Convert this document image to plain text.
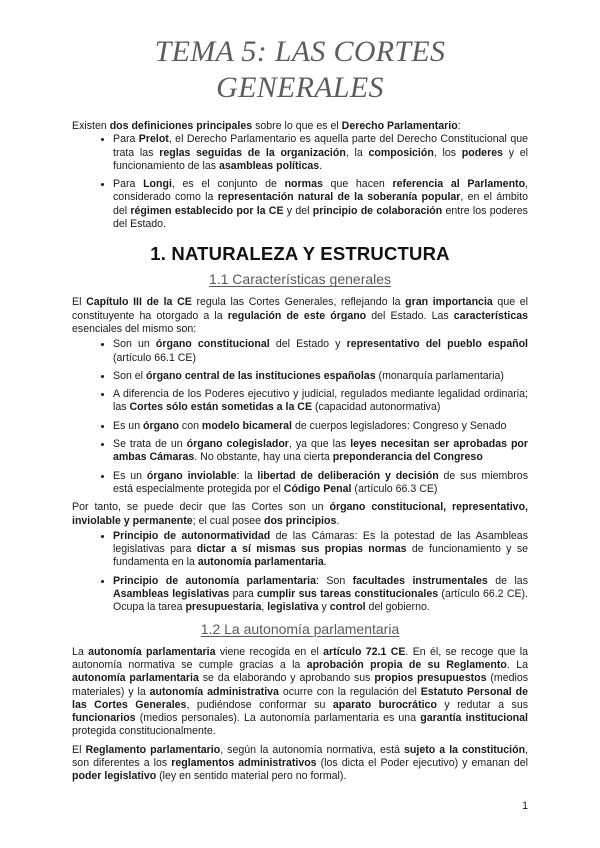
TEMA 5: LAS CORTES GENERALES

Existen dos definiciones principales sobre lo que es el Derecho Parlamentario:

• Para Prelot, el Derecho Parlamentario es aquella parte del Derecho Constitucional que trata las reglas seguidas de la organización, la composición, los poderes y el funcionamiento de las asambleas políticas.
• Para Longi, es el conjunto de normas que hacen referencia al Parlamento, considerado como la representación natural de la soberanía popular, en el ámbito del régimen establecido por la CE y del principio de colaboración entre los poderes del Estado.
1. NATURALEZA Y ESTRUCTURA
1.1 Características generales

El Capítulo III de la CE regula las Cortes Generales, reflejando la gran importancia que el constituyente ha otorgado a la regulación de este órgano del Estado. Las características esenciales del mismo son:

• Son un órgano constitucional del Estado y representativo del pueblo español (artículo 66.1 CE)
• Son el órgano central de las instituciones españolas (monarquía parlamentaria)
• A diferencia de los Poderes ejecutivo y judicial, regulados mediante legalidad ordinaria; las Cortes sólo están sometidas a la CE (capacidad autonormativa)
• Es un órgano con modelo bicameral de cuerpos legisladores: Congreso y Senado
• Se trata de un órgano colegislador, ya que las leyes necesitan ser aprobadas por ambas Cámaras. No obstante, hay una cierta preponderancia del Congreso
• Es un órgano inviolable: la libertad de deliberación y decisión de sus miembros está especialmente protegida por el Código Penal (artículo 66.3 CE)

Por tanto, se puede decir que las Cortes son un órgano constitucional, representativo, inviolable y permanente; el cual posee dos principios.

• Principio de autonormatividad de las Cámaras: Es la potestad de las Asambleas legislativas para dictar a sí mismas sus propias normas de funcionamiento y se fundamenta en la autonomía parlamentaria.
• Principio de autonomía parlamentaria: Son facultades instrumentales de las Asambleas legislativas para cumplir sus tareas constitucionales (artículo 66.2 CE). Ocupa la tarea presupuestaria, legislativa y control del gobierno.
1.2 La autonomía parlamentaria

La autonomía parlamentaria viene recogida en el artículo 72.1 CE. En él, se recoge que la autonomía normativa se cumple gracias a la aprobación propia de su Reglamento. La autonomía parlamentaria se da elaborando y aprobando sus propios presupuestos (medios materiales) y la autonomía administrativa ocurre con la regulación del Estatuto Personal de las Cortes Generales, pudiéndose conformar su aparato burocrático y redutar a sus funcionarios (medios personales). La autonomía parlamentaria es una garantía institucional protegida constitucionalmente.

El Reglamento parlamentario, según la autonomía normativa, está sujeto a la constitución, son diferentes a los reglamentos administrativos (los dicta el Poder ejecutivo) y emanan del poder legislativo (ley en sentido material pero no formal).

1
